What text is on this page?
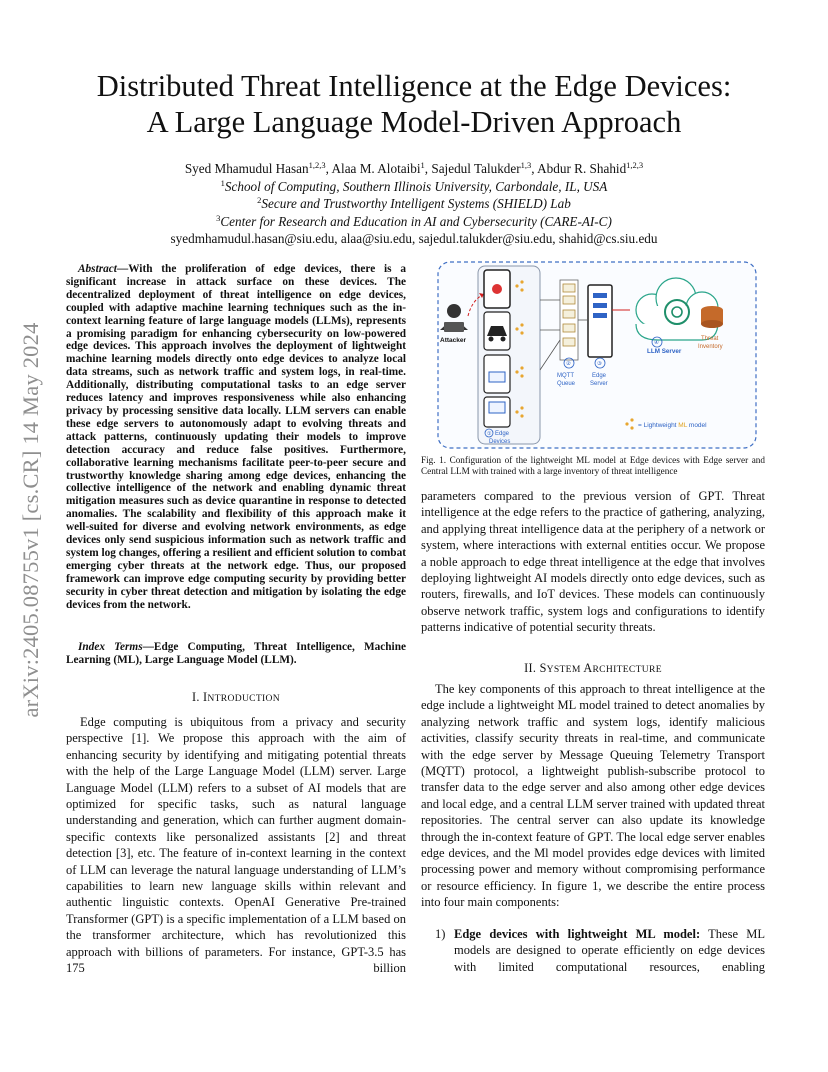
arXiv:2405.08755v1 [cs.CR] 14 May 2024
Distributed Threat Intelligence at the Edge Devices:
A Large Language Model-Driven Approach
Syed Mhamudul Hasan$^{1,2,3}$, Alaa M. Alotaibi$^1$, Sajedul Talukder$^{1,3}$, Abdur R. Shahid$^{1,2,3}$
$^1$School of Computing, Southern Illinois University, Carbondale, IL, USA
$^2$Secure and Trustworthy Intelligent Systems (SHIELD) Lab
$^3$Center for Research and Education in AI and Cybersecurity (CARE-AI-C)
syedmhamudul.hasan@siu.edu, alaa@siu.edu, sajedul.talukder@siu.edu, shahid@cs.siu.edu
Abstract—With the proliferation of edge devices, there is a significant increase in attack surface on these devices. The decentralized deployment of threat intelligence on edge devices, coupled with adaptive machine learning techniques such as the in-context learning feature of large language models (LLMs), represents a promising paradigm for enhancing cybersecurity on low-powered edge devices. This approach involves the deployment of lightweight machine learning models directly onto edge devices to analyze local data streams, such as network traffic and system logs, in real-time. Additionally, distributing computational tasks to an edge server reduces latency and improves responsiveness while also enhancing privacy by processing sensitive data locally. LLM servers can enable these edge servers to autonomously adapt to evolving threats and attack patterns, continuously updating their models to improve detection accuracy and reduce false positives. Furthermore, collaborative learning mechanisms facilitate peer-to-peer secure and trustworthy knowledge sharing among edge devices, enhancing the collective intelligence of the network and enabling dynamic threat mitigation measures such as device quarantine in response to detected anomalies. The scalability and flexibility of this approach make it well-suited for diverse and evolving network environments, as edge devices only send suspicious information such as network traffic and system log changes, offering a resilient and efficient solution to combat emerging cyber threats at the network edge. Thus, our proposed framework can improve edge computing security by providing better security in cyber threat detection and mitigation by isolating the edge devices from the network.
Index Terms—Edge Computing, Threat Intelligence, Machine Learning (ML), Large Language Model (LLM).
I. INTRODUCTION
Edge computing is ubiquitous from a privacy and security perspective [1]. We propose this approach with the aim of enhancing security by identifying and mitigating potential threats with the help of the Large Language Model (LLM) server. Large Language Model (LLM) refers to a subset of AI models that are optimized for specific tasks, such as natural language understanding and generation, which can further augment domain-specific contexts like personalized assistants [2] and threat detection [3], etc. The feature of in-context learning in the context of LLM can leverage the natural language understanding of LLM’s capabilities to learn new language skills within relevant and authentic linguistic contexts. OpenAI Generative Pre-trained Transformer (GPT) is a specific implementation of a LLM based on the transformer architecture, which has revolutionized this approach with billions of parameters. For instance, GPT-3.5 has 175 billion
Attacker
① Edge
Devices
②
MQTT
Queue
③
Edge
Server
Threat
Inventory
④
LLM Server
= Lightweight ML model
Fig. 1. Configuration of the lightweight ML model at Edge devices with Edge server and Central LLM with trained with a large inventory of threat intelligence
parameters compared to the previous version of GPT. Threat intelligence at the edge refers to the practice of gathering, analyzing, and applying threat intelligence data at the periphery of a network or system, where interactions with external entities occur. We propose a noble approach to edge threat intelligence at the edge that involves deploying lightweight AI models directly onto edge devices, such as routers, firewalls, and IoT devices. These models can continuously observe network traffic, system logs and configurations to identify patterns indicative of potential security threats.
II. SYSTEM ARCHITECTURE
The key components of this approach to threat intelligence at the edge include a lightweight ML model trained to detect anomalies by analyzing network traffic and system logs, identify malicious activities, classify security threats in real-time, and communicate with the edge server by Message Queuing Telemetry Transport (MQTT) protocol, a lightweight publish-subscribe protocol to transfer data to the edge server and also among other edge devices and local edge, and a central LLM server trained with updated threat repositories. The central server can also update its knowledge through the in-context feature of GPT. The local edge server enables edge devices, and the Ml model provides edge devices with limited processing power and memory without compromising performance or resource efficiency. In figure 1, we describe the entire process into four main components:
1) Edge devices with lightweight ML model: These ML models are designed to operate efficiently on edge devices with limited computational resources, enabling
